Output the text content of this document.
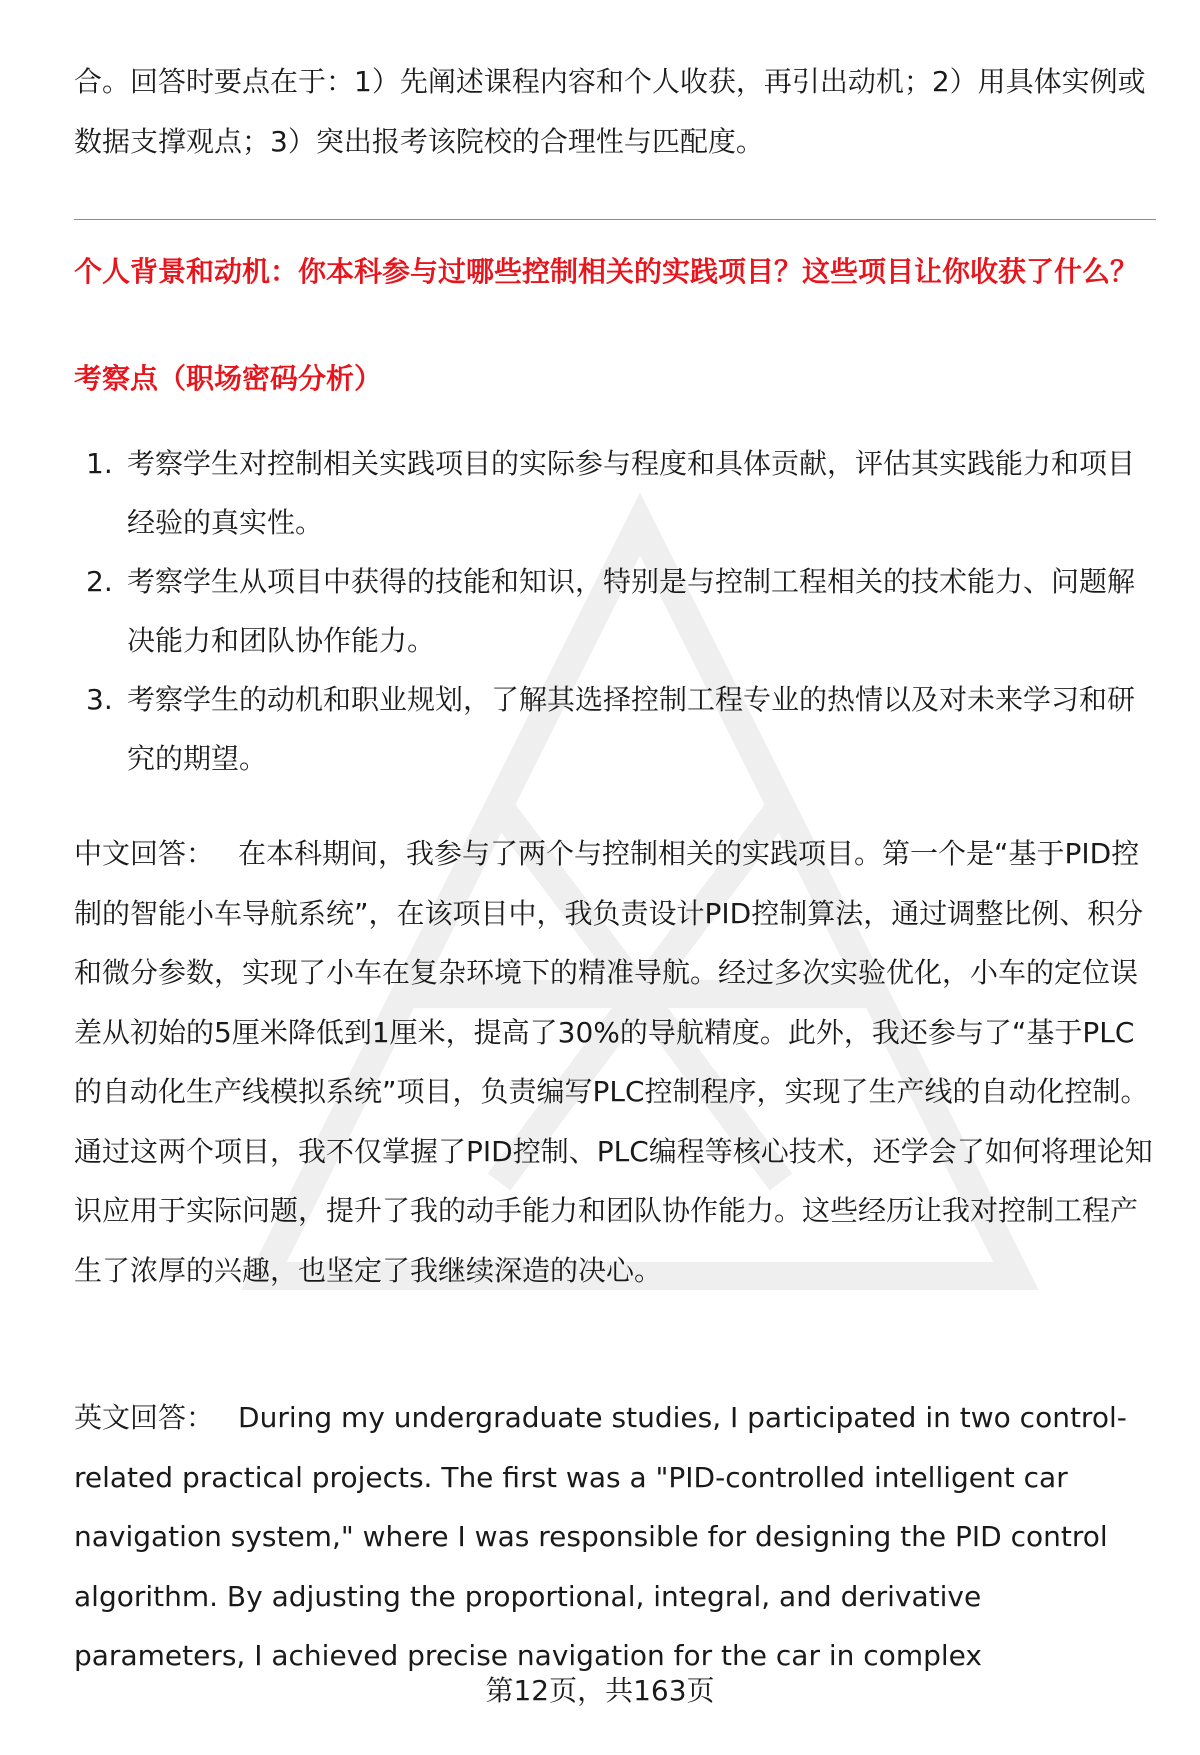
合。回答时要点在于：1）先阐述课程内容和个人收获，再引出动机；2）用具体实例或数据支撑观点；3）突出报考该院校的合理性与匹配度。

个人背景和动机：你本科参与过哪些控制相关的实践项目？这些项目让你收获了什么？
考察点（职场密码分析）
1. 考察学生对控制相关实践项目的实际参与程度和具体贡献，评估其实践能力和项目经验的真实性。
2. 考察学生从项目中获得的技能和知识，特别是与控制工程相关的技术能力、问题解决能力和团队协作能力。
3. 考察学生的动机和职业规划，了解其选择控制工程专业的热情以及对未来学习和研究的期望。

中文回答： 在本科期间，我参与了两个与控制相关的实践项目。第一个是“基于PID控制的智能小车导航系统”，在该项目中，我负责设计PID控制算法，通过调整比例、积分和微分参数，实现了小车在复杂环境下的精准导航。经过多次实验优化，小车的定位误差从初始的5厘米降低到1厘米，提高了30%的导航精度。此外，我还参与了“基于PLC的自动化生产线模拟系统”项目，负责编写PLC控制程序，实现了生产线的自动化控制。通过这两个项目，我不仅掌握了PID控制、PLC编程等核心技术，还学会了如何将理论知识应用于实际问题，提升了我的动手能力和团队协作能力。这些经历让我对控制工程产生了浓厚的兴趣，也坚定了我继续深造的决心。

英文回答： During my undergraduate studies, I participated in two control-related practical projects. The first was a "PID-controlled intelligent car navigation system," where I was responsible for designing the PID control algorithm. By adjusting the proportional, integral, and derivative parameters, I achieved precise navigation for the car in complex

第12页，共163页
